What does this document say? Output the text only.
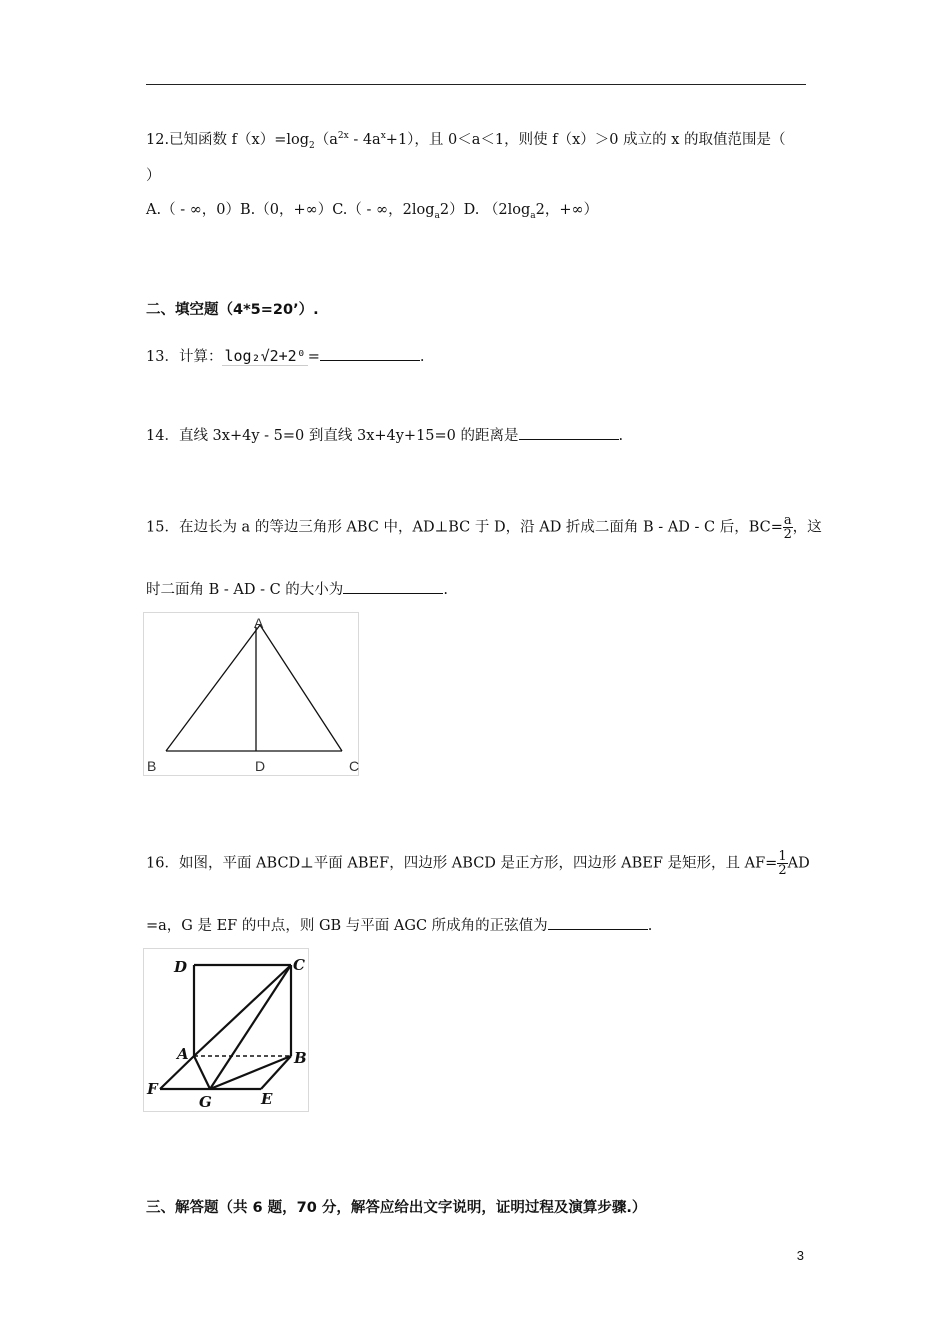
12.已知函数 $f(x)=\log_2(a^{2x} - 4a^x+1)$，且 0＜a＜1，则使 f（x）＞0 成立的 x 的取值范围是（
）
A.（ - ∞，0）B.（0，+∞）C.（ - ∞，$2\log_a2)D$. （$2\log_a2$，+∞）
二、填空题（4*5=20’）.
13．计算： log₂√2+2⁰ =	.
14．直线 3x+4y - 5=0 到直线 3x+4y+15=0 的距离是	.
15．在边长为 a 的等边三角形 ABC 中，AD⊥BC 于 D，沿 AD 折成二面角 B - AD - C 后，$BC= \frac{a}{2}$ ，这
时二面角 B - AD - C 的大小为	.
A
B	D	C
16．如图，平面 ABCD⊥平面 ABEF，四边形 ABCD 是正方形，四边形 ABEF 是矩形，且 $AF= \frac{1}{2}$ AD
=a，G 是 EF 的中点，则 GB 与平面 AGC 所成角的正弦值为	.
D	C
A	B
F
G	E
三、解答题（共 6 题，70 分，解答应给出文字说明，证明过程及演算步骤.）
3
